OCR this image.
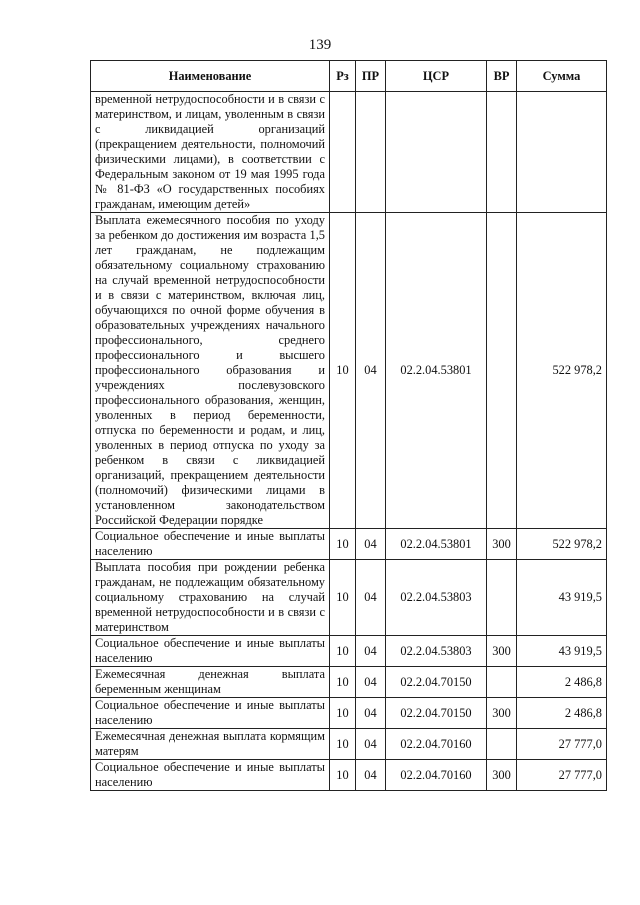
139
Наименование	Рз	ПР	ЦСР	ВР	Сумма
временной нетрудоспособности и в связи с материнством, и лицам, уволенным в связи с ликвидацией организаций (прекращением деятельности, полномочий физическими лицами), в соответствии с Федеральным законом от 19 мая 1995 года № 81-ФЗ «О государственных пособиях гражданам, имеющим детей»					
Выплата ежемесячного пособия по уходу за ребенком до достижения им возраста 1,5 лет гражданам, не подлежащим обязательному социальному страхованию на случай временной нетрудоспособности и в связи с материнством, включая лиц, обучающихся по очной форме обучения в образовательных учреждениях начального профессионального, среднего профессионального и высшего профессионального образования и учреждениях послевузовского профессионального образования, женщин, уволенных в период беременности, отпуска по беременности и родам, и лиц, уволенных в период отпуска по уходу за ребенком в связи с ликвидацией организаций, прекращением деятельности (полномочий) физическими лицами в установленном законодательством Российской Федерации порядке	10	04	02.2.04.53801		522 978,2
Социальное обеспечение и иные выплаты населению	10	04	02.2.04.53801	300	522 978,2
Выплата пособия при рождении ребенка гражданам, не подлежащим обязательному социальному страхованию на случай временной нетрудоспособности и в связи с материнством	10	04	02.2.04.53803		43 919,5
Социальное обеспечение и иные выплаты населению	10	04	02.2.04.53803	300	43 919,5
Ежемесячная денежная выплата беременным женщинам	10	04	02.2.04.70150		2 486,8
Социальное обеспечение и иные выплаты населению	10	04	02.2.04.70150	300	2 486,8
Ежемесячная денежная выплата кормящим матерям	10	04	02.2.04.70160		27 777,0
Социальное обеспечение и иные выплаты населению	10	04	02.2.04.70160	300	27 777,0
